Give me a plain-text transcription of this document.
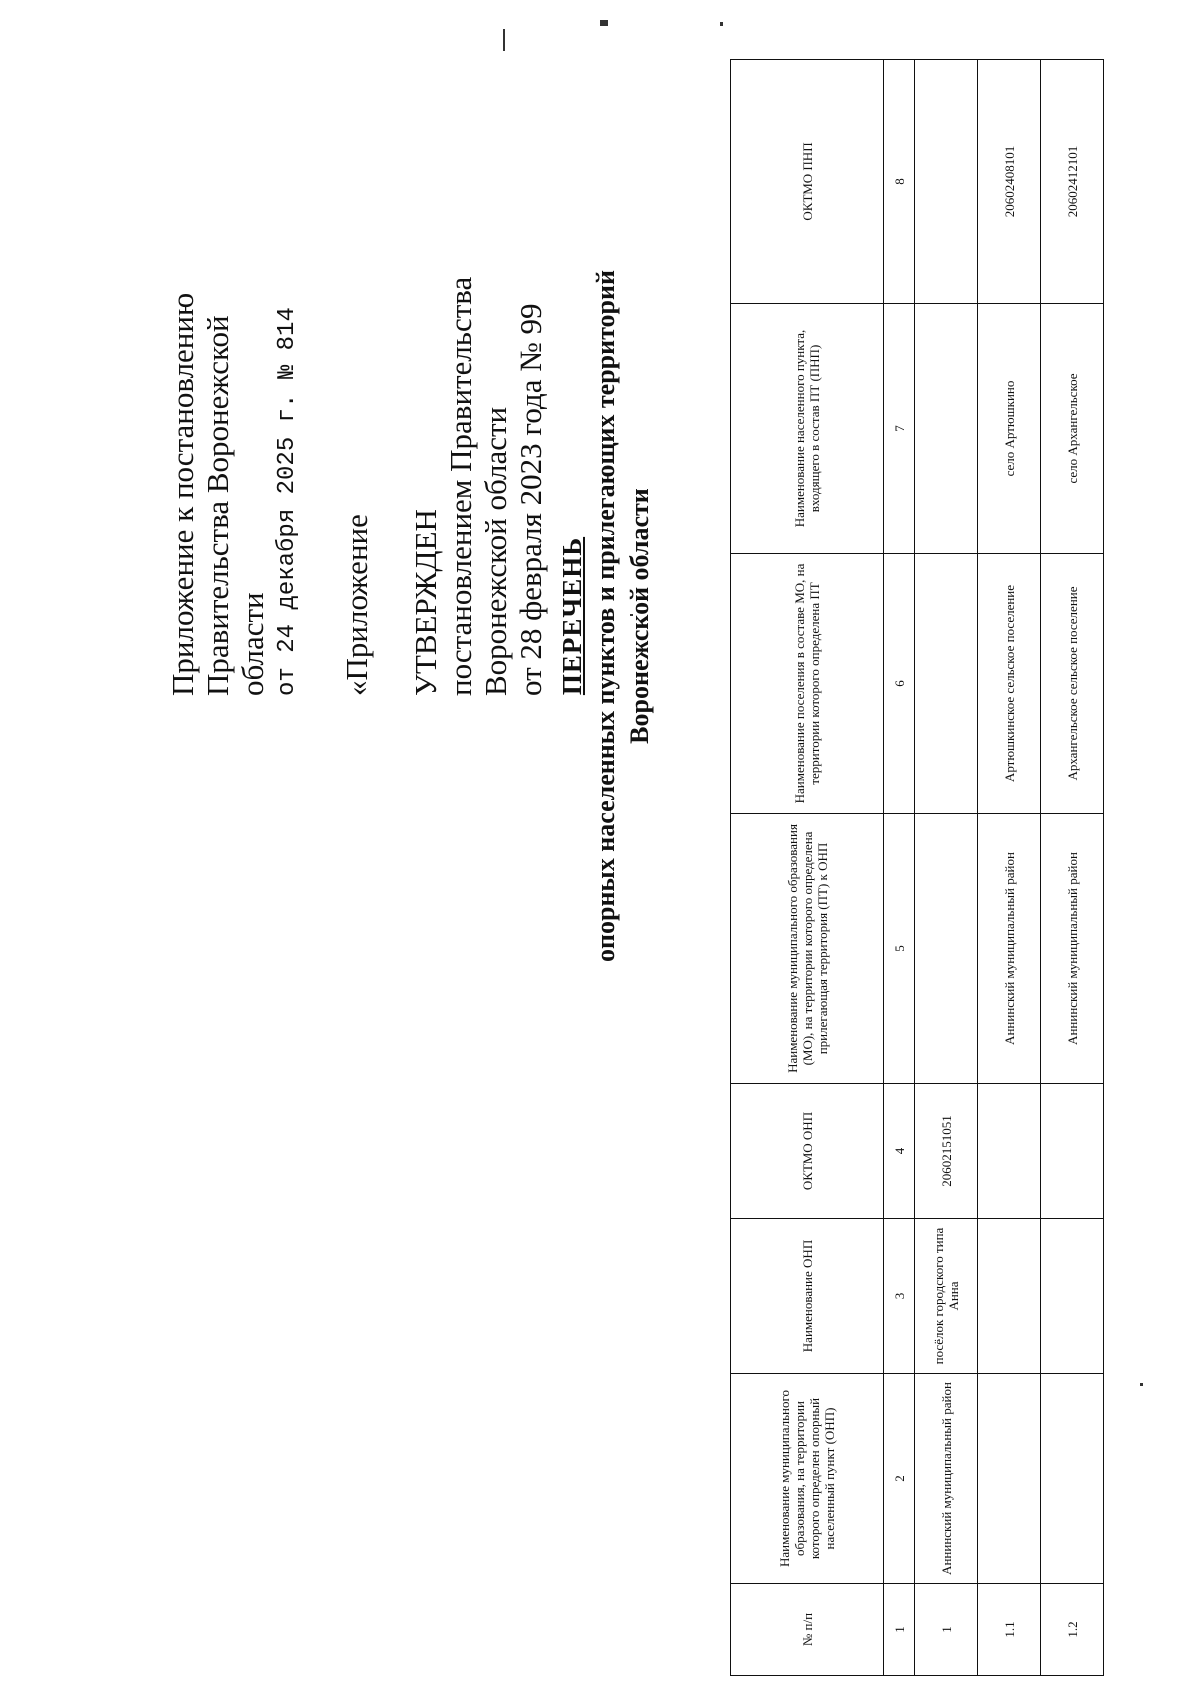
Приложение к постановлению Правительства Воронежской области от 24 декабря 2025 г. № 814 «Приложение УТВЕРЖДЕН постановлением Правительства Воронежской области от 28 февраля 2023 года № 99 ПЕРЕЧЕНЬ опорных населенных пунктов и прилегающих территорий Воронежской области
№ п/п	Наименование муниципального образования, на территории которого определен опорный населенный пункт (ОНП)	Наименование ОНП	ОКТМО ОНП	Наименование муниципального образования (МО), на территории которого определена прилегающая территория (ПТ) к ОНП	Наименование поселения в составе МО, на территории которого определена ПТ	Наименование населенного пункта, входящего в состав ПТ (ПНП)	ОКТМО ПНП
1	2	3	4	5	6	7	8
1	Аннинский муниципальный район	посёлок городского типа Анна	20602151051				
1.1				Аннинский муниципальный район	Артюшкинское сельское поселение	село Артюшкино	20602408101
1.2				Аннинский муниципальный район	Архангельское сельское поселение	село Архангельское	20602412101
